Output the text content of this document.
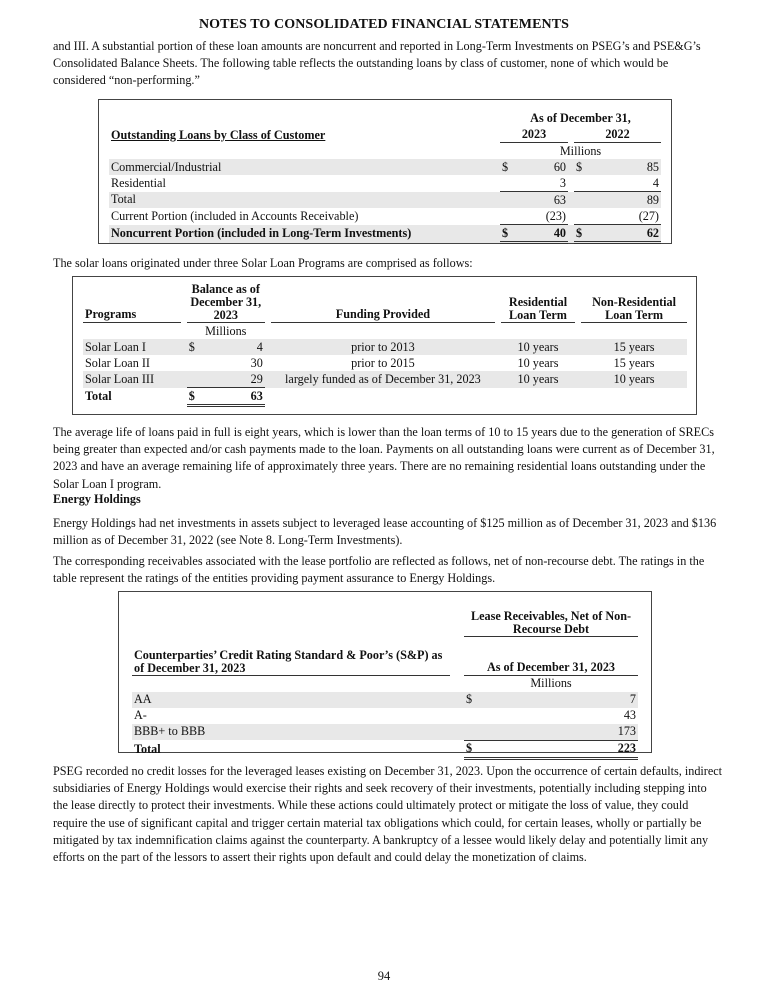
NOTES TO CONSOLIDATED FINANCIAL STATEMENTS

and III. A substantial portion of these loan amounts are noncurrent and reported in Long-Term Investments on PSEG’s and PSE&G’s Consolidated Balance Sheets. The following table reflects the outstanding loans by class of customer, none of which would be considered “non-performing.”

		As of December 31,				
Outstanding Loans by Class of Customer		2023			2022	
		Millions				
Commercial/Industrial		$	60		$	85
Residential			3			4
Total			63			89
Current Portion (included in Accounts Receivable)			(23)			(27)
Noncurrent Portion (included in Long-Term Investments)		$	40		$	62

The solar loans originated under three Solar Loan Programs are comprised as follows:

Programs		Balance as of December 31, 2023			Funding Provided		Residential Loan Term		Non-Residential Loan Term
		Millions							
Solar Loan I		$	4		prior to 2013		10 years		15 years
Solar Loan II			30		prior to 2015		10 years		15 years
Solar Loan III			29		largely funded as of December 31, 2023		10 years		10 years
Total		$	63						

The average life of loans paid in full is eight years, which is lower than the loan terms of 10 to 15 years due to the generation of SRECs being greater than expected and/or cash payments made to the loan. Payments on all outstanding loans were current as of December 31, 2023 and have an average remaining life of approximately three years. There are no remaining residential loans outstanding under the Solar Loan I program.

Energy Holdings

Energy Holdings had net investments in assets subject to leveraged lease accounting of $125 million as of December 31, 2023 and $136 million as of December 31, 2022 (see Note 8. Long-Term Investments).

The corresponding receivables associated with the lease portfolio are reflected as follows, net of non-recourse debt. The ratings in the table represent the ratings of the entities providing payment assurance to Energy Holdings.

		Lease Receivables, Net of Non-Recourse Debt	
Counterparties’ Credit Rating Standard & Poor’s (S&P) as of December 31, 2023		As of December 31, 2023	
		Millions	
AA		$	7
A-			43
BBB+ to BBB			173
Total		$	223

PSEG recorded no credit losses for the leveraged leases existing on December 31, 2023. Upon the occurrence of certain defaults, indirect subsidiaries of Energy Holdings would exercise their rights and seek recovery of their investments, potentially including stepping into the lease directly to protect their investments. While these actions could ultimately protect or mitigate the loss of value, they could require the use of significant capital and trigger certain material tax obligations which could, for certain leases, wholly or partially be mitigated by tax indemnification claims against the counterparty. A bankruptcy of a lessee would likely delay and potentially limit any efforts on the part of the lessors to assert their rights upon default and could delay the monetization of claims.

94
